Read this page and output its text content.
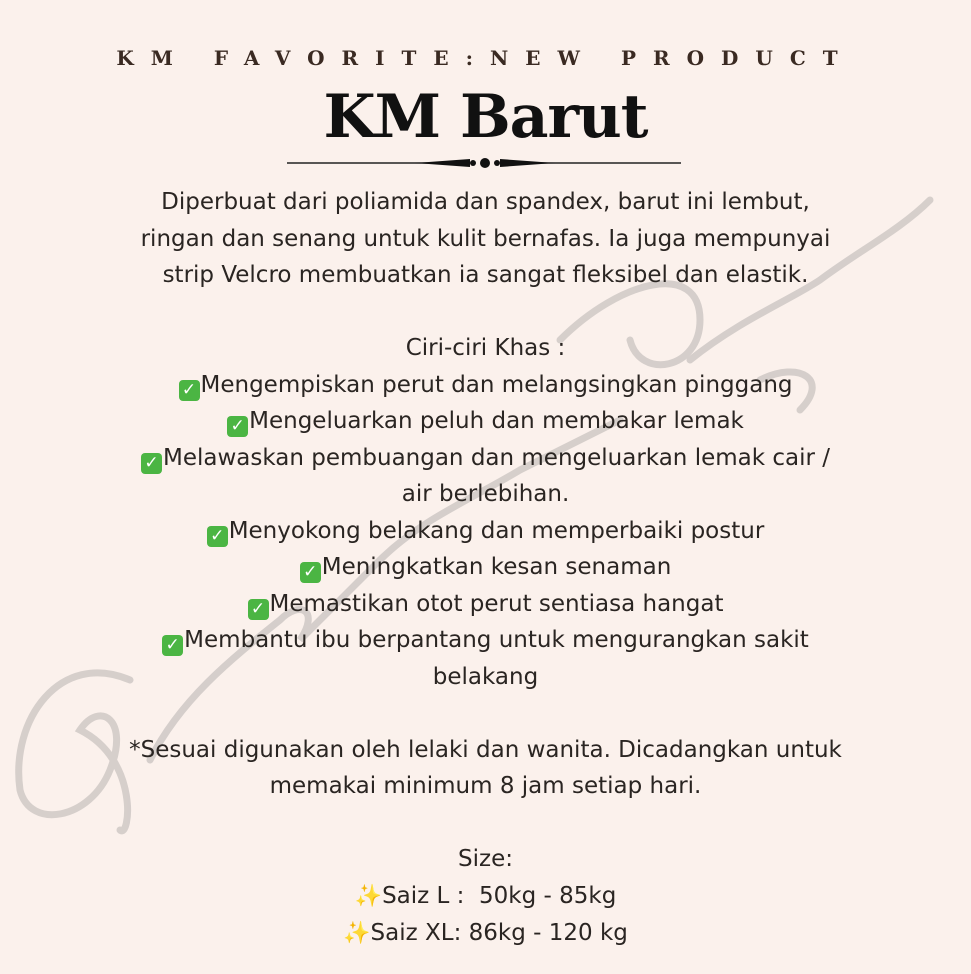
KM FAVORITE:NEW PRODUCT
KM Barut

Diperbuat dari poliamida dan spandex, barut ini lembut,

ringan dan senang untuk kulit bernafas. Ia juga mempunyai

strip Velcro membuatkan ia sangat fleksibel dan elastik.

Ciri-ciri Khas :

✓ Mengempiskan perut dan melangsingkan pinggang

✓ Mengeluarkan peluh dan membakar lemak

✓ Melawaskan pembuangan dan mengeluarkan lemak cair /

air berlebihan.

✓ Menyokong belakang dan memperbaiki postur

✓ Meningkatkan kesan senaman

✓ Memastikan otot perut sentiasa hangat

✓ Membantu ibu berpantang untuk mengurangkan sakit

belakang

*Sesuai digunakan oleh lelaki dan wanita. Dicadangkan untuk

memakai minimum 8 jam setiap hari.

Size:

✨Saiz L :  50kg - 85kg

✨Saiz XL: 86kg - 120 kg
